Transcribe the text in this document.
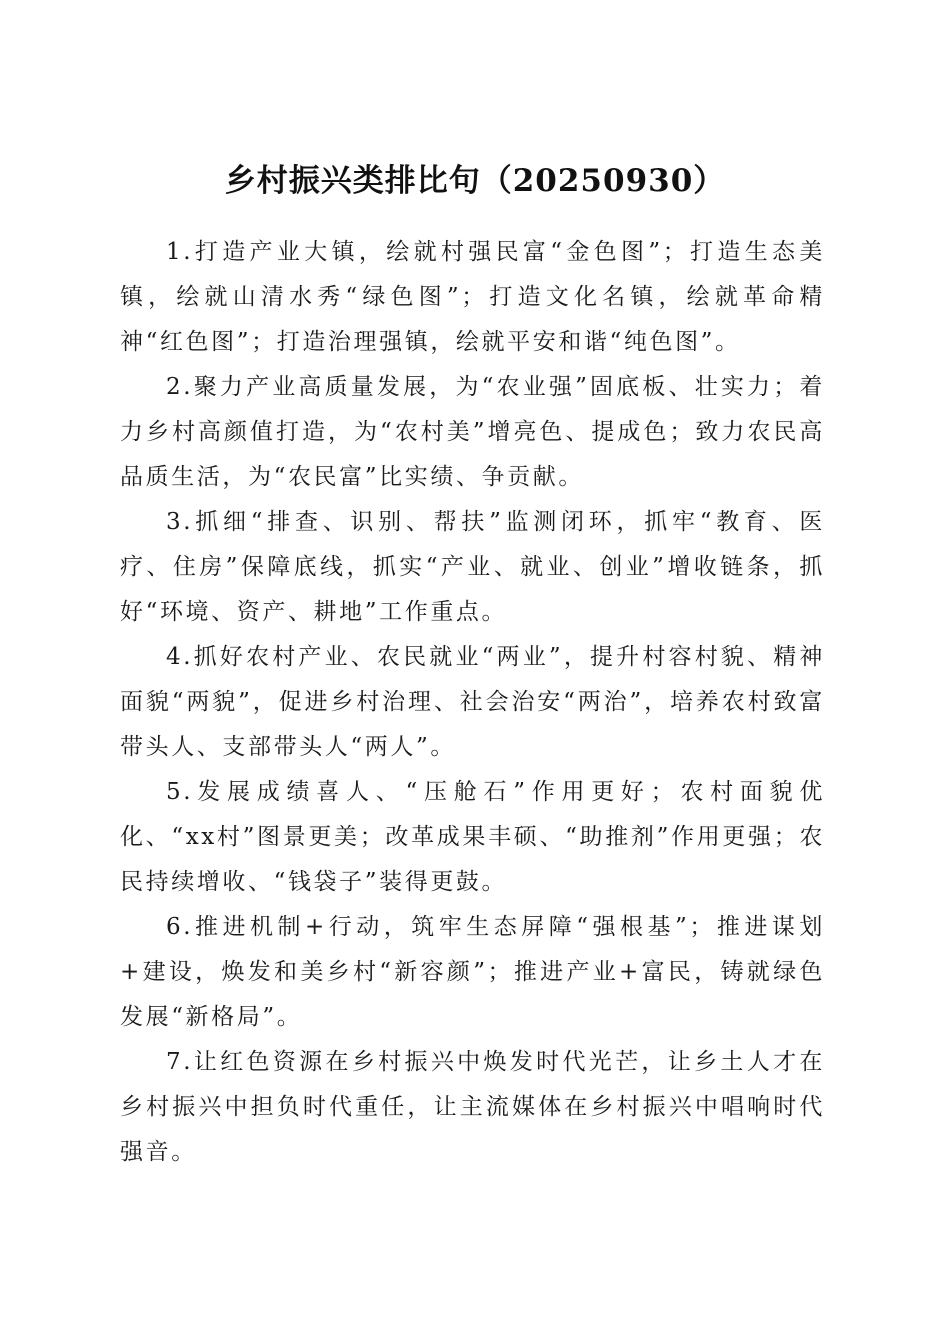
乡村振兴类排比句（20250930）

1.打造产业大镇，绘就村强民富“金色图”；打造生态美镇，绘就山清水秀“绿色图”；打造文化名镇，绘就革命精神“红色图”；打造治理强镇，绘就平安和谐“纯色图”。

2.聚力产业高质量发展，为“农业强”固底板、壮实力；着力乡村高颜值打造，为“农村美”增亮色、提成色；致力农民高品质生活，为“农民富”比实绩、争贡献。

3.抓细“排查、识别、帮扶”监测闭环，抓牢“教育、医疗、住房”保障底线，抓实“产业、就业、创业”增收链条，抓好“环境、资产、耕地”工作重点。

4.抓好农村产业、农民就业“两业”，提升村容村貌、精神面貌“两貌”，促进乡村治理、社会治安“两治”，培养农村致富带头人、支部带头人“两人”。

5.发展成绩喜人、“压舱石”作用更好；农村面貌优化、“xx村”图景更美；改革成果丰硕、“助推剂”作用更强；农民持续增收、“钱袋子”装得更鼓。

6.推进机制+行动，筑牢生态屏障“强根基”；推进谋划+建设，焕发和美乡村“新容颜”；推进产业+富民，铸就绿色发展“新格局”。

7.让红色资源在乡村振兴中焕发时代光芒，让乡土人才在乡村振兴中担负时代重任，让主流媒体在乡村振兴中唱响时代强音。
